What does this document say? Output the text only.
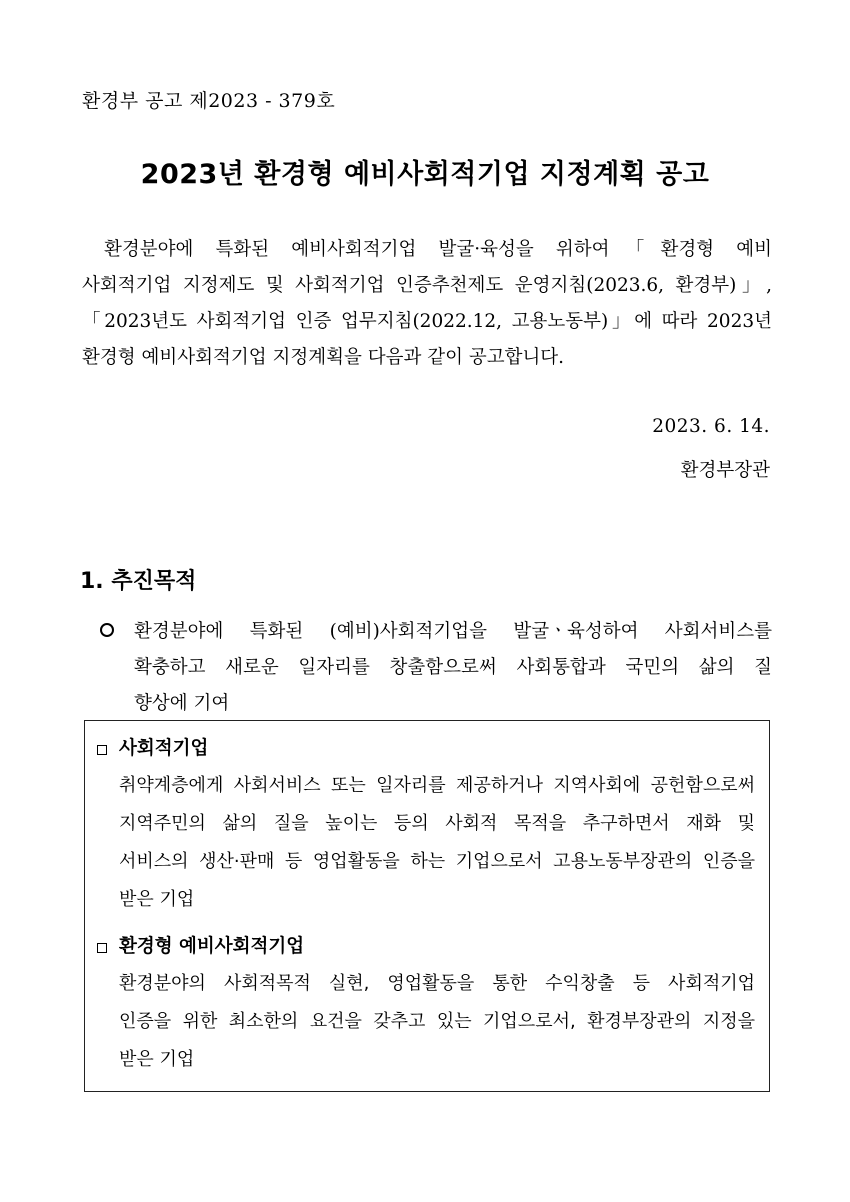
환경부 공고 제2023 - 379호
2023년 환경형 예비사회적기업 지정계획 공고

환경분야에 특화된 예비사회적기업 발굴·육성을 위하여「환경형 예비
사회적기업 지정제도 및 사회적기업 인증추천제도 운영지침(2023.6, 환경부)」,
「2023년도 사회적기업 인증 업무지침(2022.12, 고용노동부)」에 따라 2023년
환경형 예비사회적기업 지정계획을 다음과 같이 공고합니다.

2023. 6. 14.
환경부장관
1. 추진목적
환경분야에 특화된 (예비)사회적기업을 발굴ㆍ육성하여 사회서비스를
확충하고 새로운 일자리를 창출함으로써 사회통합과 국민의 삶의 질
향상에 기여
사회적기업
취약계층에게 사회서비스 또는 일자리를 제공하거나 지역사회에 공헌함으로써
지역주민의 삶의 질을 높이는 등의 사회적 목적을 추구하면서 재화 및
서비스의 생산·판매 등 영업활동을 하는 기업으로서 고용노동부장관의 인증을
받은 기업
환경형 예비사회적기업
환경분야의 사회적목적 실현, 영업활동을 통한 수익창출 등 사회적기업
인증을 위한 최소한의 요건을 갖추고 있는 기업으로서, 환경부장관의 지정을
받은 기업
